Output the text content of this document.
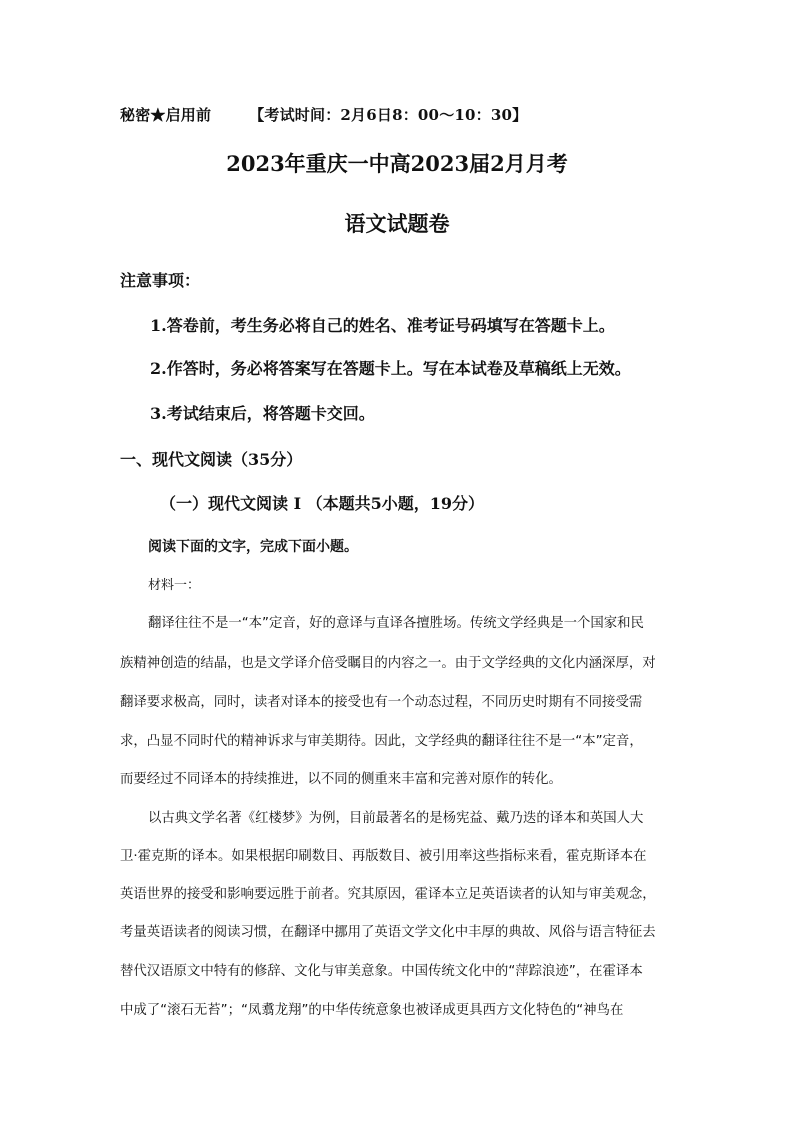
秘密★启用前	【考试时间：2月6日8：00～10：30】
2023年重庆一中高2023届2月月考
语文试题卷
注意事项：
1.答卷前，考生务必将自己的姓名、准考证号码填写在答题卡上。
2.作答时，务必将答案写在答题卡上。写在本试卷及草稿纸上无效。
3.考试结束后，将答题卡交回。
一、现代文阅读（35分）
（一）现代文阅读 I （本题共5小题，19分）
阅读下面的文字，完成下面小题。
材料一：
翻译往往不是一“本”定音，好的意译与直译各擅胜场。传统文学经典是一个国家和民
族精神创造的结晶，也是文学译介倍受瞩目的内容之一。由于文学经典的文化内涵深厚，对
翻译要求极高，同时，读者对译本的接受也有一个动态过程，不同历史时期有不同接受需
求，凸显不同时代的精神诉求与审美期待。因此，文学经典的翻译往往不是一“本”定音，
而要经过不同译本的持续推进，以不同的侧重来丰富和完善对原作的转化。
以古典文学名著《红楼梦》为例，目前最著名的是杨宪益、戴乃迭的译本和英国人大
卫·霍克斯的译本。如果根据印刷数目、再版数目、被引用率这些指标来看，霍克斯译本在
英语世界的接受和影响要远胜于前者。究其原因，霍译本立足英语读者的认知与审美观念，
考量英语读者的阅读习惯，在翻译中挪用了英语文学文化中丰厚的典故、风俗与语言特征去
替代汉语原文中特有的修辞、文化与审美意象。中国传统文化中的“萍踪浪迹”，在霍译本
中成了“滚石无苔”；“凤翥龙翔”的中华传统意象也被译成更具西方文化特色的“神鸟在
